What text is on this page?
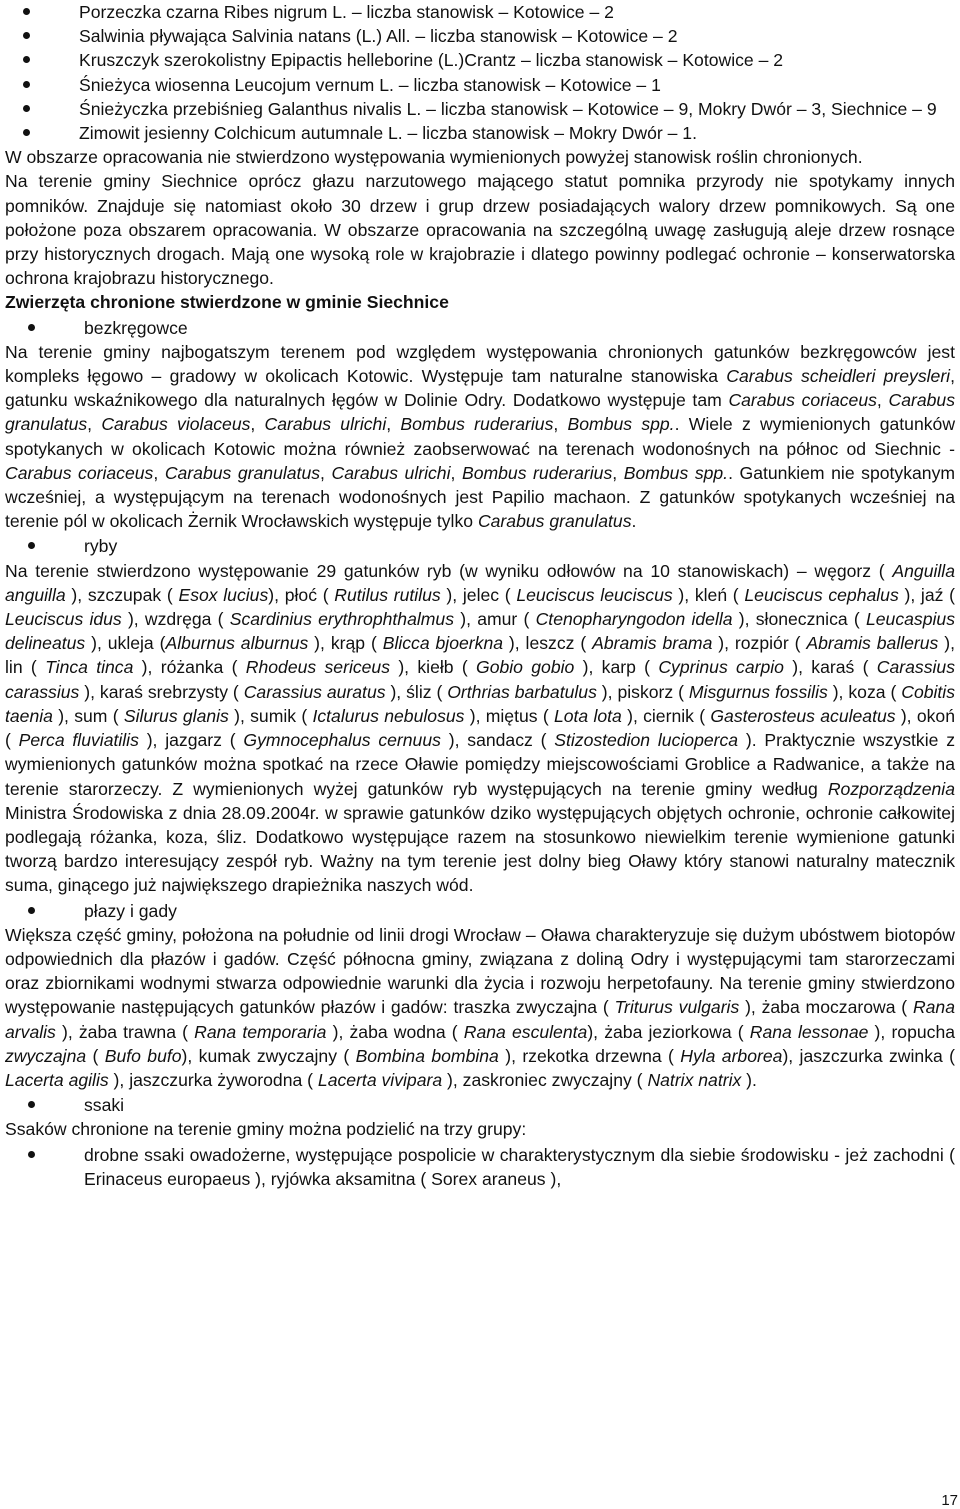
Porzeczka czarna Ribes nigrum L. – liczba stanowisk – Kotowice – 2
Salwinia pływająca Salvinia natans (L.) All. – liczba stanowisk – Kotowice – 2
Kruszczyk szerokolistny Epipactis helleborine (L.)Crantz – liczba stanowisk – Kotowice – 2
Śnieżyca wiosenna Leucojum vernum L. – liczba stanowisk – Kotowice – 1
Śnieżyczka przebiśnieg Galanthus nivalis L. – liczba stanowisk – Kotowice – 9, Mokry Dwór – 3, Siechnice – 9
Zimowit jesienny Colchicum autumnale L. – liczba stanowisk – Mokry Dwór – 1.
W obszarze opracowania nie stwierdzono występowania wymienionych powyżej stanowisk roślin chronionych.
Na terenie gminy Siechnice oprócz głazu narzutowego mającego statut pomnika przyrody nie spotykamy innych pomników. Znajduje się natomiast około 30 drzew i grup drzew posiadających walory drzew pomnikowych. Są one położone poza obszarem opracowania. W obszarze opracowania na szczególną uwagę zasługują aleje drzew rosnące przy historycznych drogach. Mają one wysoką role w krajobrazie i dlatego powinny podlegać ochronie – konserwatorska ochrona krajobrazu historycznego.
Zwierzęta chronione stwierdzone w gminie Siechnice
bezkręgowce
Na terenie gminy najbogatszym terenem pod względem występowania chronionych gatunków bezkręgowców jest kompleks łęgowo – gradowy w okolicach Kotowic. Występuje tam naturalne stanowiska Carabus scheidleri preysleri, gatunku wskaźnikowego dla naturalnych łęgów w Dolinie Odry. Dodatkowo występuje tam Carabus coriaceus, Carabus granulatus, Carabus violaceus, Carabus ulrichi, Bombus ruderarius, Bombus spp.. Wiele z wymienionych gatunków spotykanych w okolicach Kotowic można również zaobserwować na terenach wodonośnych na północ od Siechnic - Carabus coriaceus, Carabus granulatus, Carabus ulrichi, Bombus ruderarius, Bombus spp.. Gatunkiem nie spotykanym wcześniej, a występującym na terenach wodonośnych jest Papilio machaon. Z gatunków spotykanych wcześniej na terenie pól w okolicach Żernik Wrocławskich występuje tylko Carabus granulatus.
ryby
Na terenie stwierdzono występowanie 29 gatunków ryb (w wyniku odłowów na 10 stanowiskach) – węgorz ( Anguilla anguilla ), szczupak ( Esox lucius), płoć ( Rutilus rutilus ), jelec ( Leuciscus leuciscus ), kleń ( Leuciscus cephalus ), jaź ( Leuciscus idus ), wzdręga ( Scardinius erythrophthalmus ), amur ( Ctenopharyngodon idella ), słonecznica ( Leucaspius delineatus ), ukleja (Alburnus alburnus ), krąp ( Blicca bjoerkna ), leszcz ( Abramis brama ), rozpiór ( Abramis ballerus ), lin ( Tinca tinca ), różanka ( Rhodeus sericeus ), kiełb ( Gobio gobio ), karp ( Cyprinus carpio ), karaś ( Carassius carassius ), karaś srebrzysty ( Carassius auratus ), śliz ( Orthrias barbatulus ), piskorz ( Misgurnus fossilis ), koza ( Cobitis taenia ), sum ( Silurus glanis ), sumik ( Ictalurus nebulosus ), miętus ( Lota lota ), ciernik ( Gasterosteus aculeatus ), okoń ( Perca fluviatilis ), jazgarz ( Gymnocephalus cernuus ), sandacz ( Stizostedion lucioperca ). Praktycznie wszystkie z wymienionych gatunków można spotkać na rzece Oławie pomiędzy miejscowościami Groblice a Radwanice, a także na terenie starorzeczy. Z wymienionych wyżej gatunków ryb występujących na terenie gminy według Rozporządzenia Ministra Środowiska z dnia 28.09.2004r. w sprawie gatunków dziko występujących objętych ochronie, ochronie całkowitej podlegają różanka, koza, śliz. Dodatkowo występujące razem na stosunkowo niewielkim terenie wymienione gatunki tworzą bardzo interesujący zespół ryb. Ważny na tym terenie jest dolny bieg Oławy który stanowi naturalny matecznik suma, ginącego już największego drapieżnika naszych wód.
płazy i gady
Większa część gminy, położona na południe od linii drogi Wrocław – Oława charakteryzuje się dużym ubóstwem biotopów odpowiednich dla płazów i gadów. Część północna gminy, związana z doliną Odry i występującymi tam starorzeczami oraz zbiornikami wodnymi stwarza odpowiednie warunki dla życia i rozwoju herpetofauny. Na terenie gminy stwierdzono występowanie następujących gatunków płazów i gadów: traszka zwyczajna ( Triturus vulgaris ), żaba moczarowa ( Rana arvalis ), żaba trawna ( Rana temporaria ), żaba wodna ( Rana esculenta), żaba jeziorkowa ( Rana lessonae ), ropucha zwyczajna ( Bufo bufo), kumak zwyczajny ( Bombina bombina ), rzekotka drzewna ( Hyla arborea), jaszczurka zwinka ( Lacerta agilis ), jaszczurka żyworodna ( Lacerta vivipara ), zaskroniec zwyczajny ( Natrix natrix ).
ssaki
Ssaków chronione na terenie gminy można podzielić na trzy grupy:
drobne ssaki owadożerne, występujące pospolicie w charakterystycznym dla siebie środowisku - jeż zachodni ( Erinaceus europaeus ), ryjówka aksamitna ( Sorex araneus ),
17
